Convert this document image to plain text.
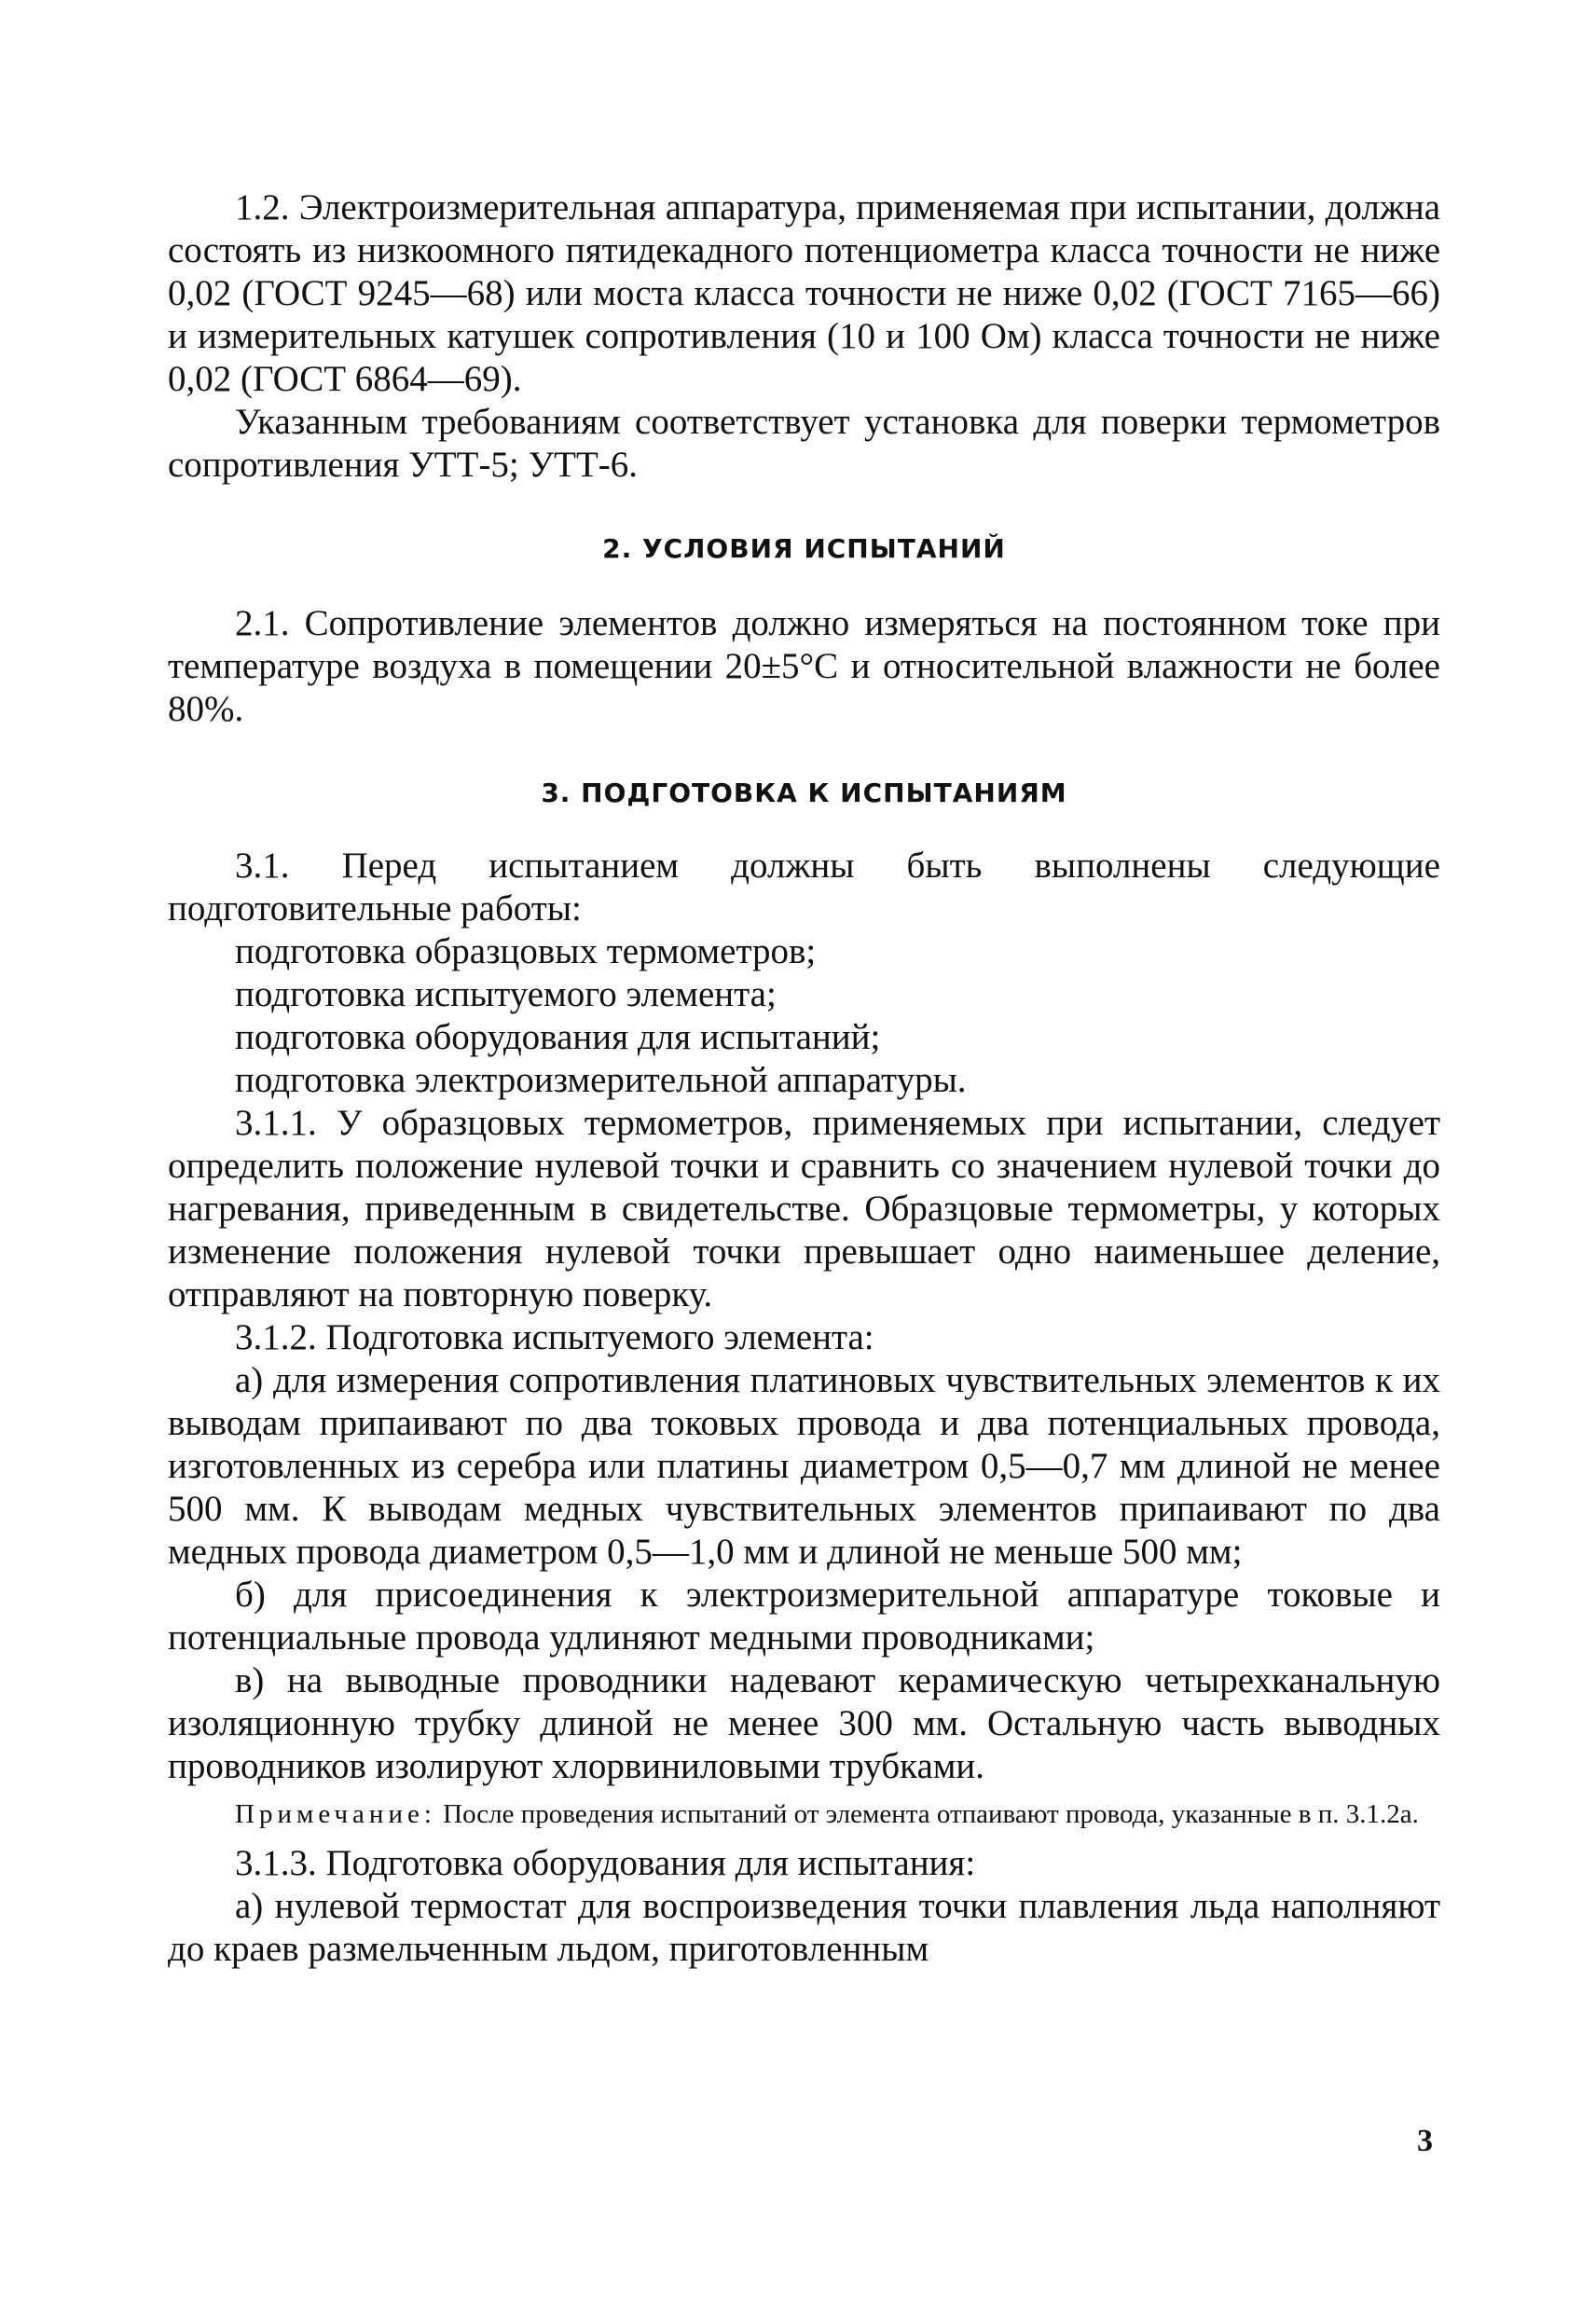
1.2. Электроизмерительная аппаратура, применяемая при испытании, должна состоять из низкоомного пятидекадного потенциометра класса точности не ниже 0,02 (ГОСТ 9245—68) или моста класса точности не ниже 0,02 (ГОСТ 7165—66) и измерительных катушек сопротивления (10 и 100 Ом) класса точности не ниже 0,02 (ГОСТ 6864—69).

Указанным требованиям соответствует установка для поверки термометров сопротивления УТТ-5; УТТ-6.

2. УСЛОВИЯ ИСПЫТАНИЙ

2.1. Сопротивление элементов должно измеряться на постоянном токе при температуре воздуха в помещении 20±5°С и относительной влажности не более 80%.

3. ПОДГОТОВКА К ИСПЫТАНИЯМ

3.1. Перед испытанием должны быть выполнены следующие подготовительные работы:

подготовка образцовых термометров;

подготовка испытуемого элемента;

подготовка оборудования для испытаний;

подготовка электроизмерительной аппаратуры.

3.1.1. У образцовых термометров, применяемых при испытании, следует определить положение нулевой точки и сравнить со значением нулевой точки до нагревания, приведенным в свидетельстве. Образцовые термометры, у которых изменение положения нулевой точки превышает одно наименьшее деление, отправляют на повторную поверку.

3.1.2. Подготовка испытуемого элемента:

а) для измерения сопротивления платиновых чувствительных элементов к их выводам припаивают по два токовых провода и два потенциальных провода, изготовленных из серебра или платины диаметром 0,5—0,7 мм длиной не менее 500 мм. К выводам медных чувствительных элементов припаивают по два медных провода диаметром 0,5—1,0 мм и длиной не меньше 500 мм;

б) для присоединения к электроизмерительной аппаратуре токовые и потенциальные провода удлиняют медными проводниками;

в) на выводные проводники надевают керамическую четырехканальную изоляционную трубку длиной не менее 300 мм. Остальную часть выводных проводников изолируют хлорвиниловыми трубками.

Примечание: После проведения испытаний от элемента отпаивают провода, указанные в п. 3.1.2а.

3.1.3. Подготовка оборудования для испытания:

а) нулевой термостат для воспроизведения точки плавления льда наполняют до краев размельченным льдом, приготовленным

3
